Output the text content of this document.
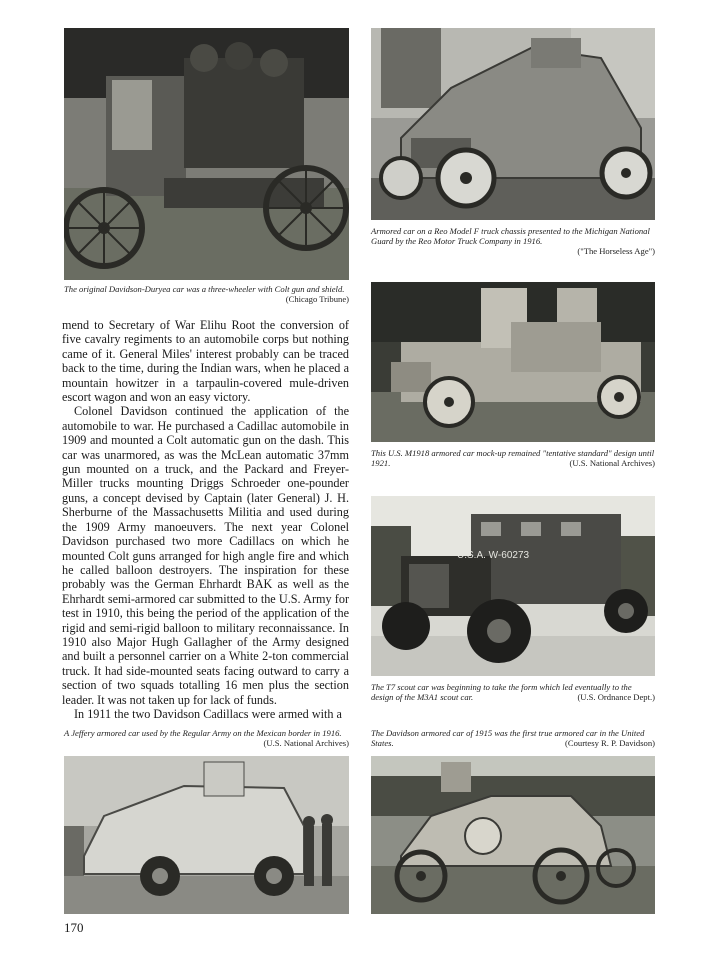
The original Davidson-Duryea car was a three-wheeler with Colt gun and shield.
(Chicago Tribune)

Armored car on a Reo Model F truck chassis presented to the Michigan National Guard by the Reo Motor Truck Company in 1916.

("The Horseless Age")

This U.S. M1918 armored car mock-up remained "tentative standard" design until 1921.	(U.S. National Archives)

U.S.A. W-60273

The T7 scout car was beginning to take the form which led eventually to the design of the M3A1 scout car.	(U.S. Ordnance Dept.)

mend to Secretary of War Elihu Root the conversion of five cavalry regiments to an automobile corps but nothing came of it. General Miles' interest probably can be traced back to the time, during the Indian wars, when he placed a mountain howitzer in a tarpaulin-covered mule-driven escort wagon and won an easy victory.

Colonel Davidson continued the application of the automobile to war. He purchased a Cadillac automobile in 1909 and mounted a Colt automatic gun on the dash. This car was unarmored, as was the McLean automatic 37mm gun mounted on a truck, and the Packard and Freyer-Miller trucks mounting Driggs Schroeder one-pounder guns, a concept devised by Captain (later General) J. H. Sherburne of the Massachusetts Militia and used during the 1909 Army manoeuvers. The next year Colonel Davidson purchased two more Cadillacs on which he mounted Colt guns arranged for high angle fire and which he called balloon destroyers. The inspiration for these probably was the German Ehrhardt BAK as well as the Ehrhardt semi-armored car submitted to the U.S. Army for test in 1910, this being the period of the application of the rigid and semi-rigid balloon to military reconnaissance. In 1910 also Major Hugh Gallagher of the Army designed and built a personnel carrier on a White 2-ton commercial truck. It had side-mounted seats facing outward to carry a section of two squads totalling 16 men plus the section leader. It was not taken up for lack of funds.

In 1911 the two Davidson Cadillacs were armed with a

A Jeffery armored car used by the Regular Army on the Mexican border in 1916.
(U.S. National Archives)

The Davidson armored car of 1915 was the first true armored car in the United States.	(Courtesy R. P. Davidson)

170
